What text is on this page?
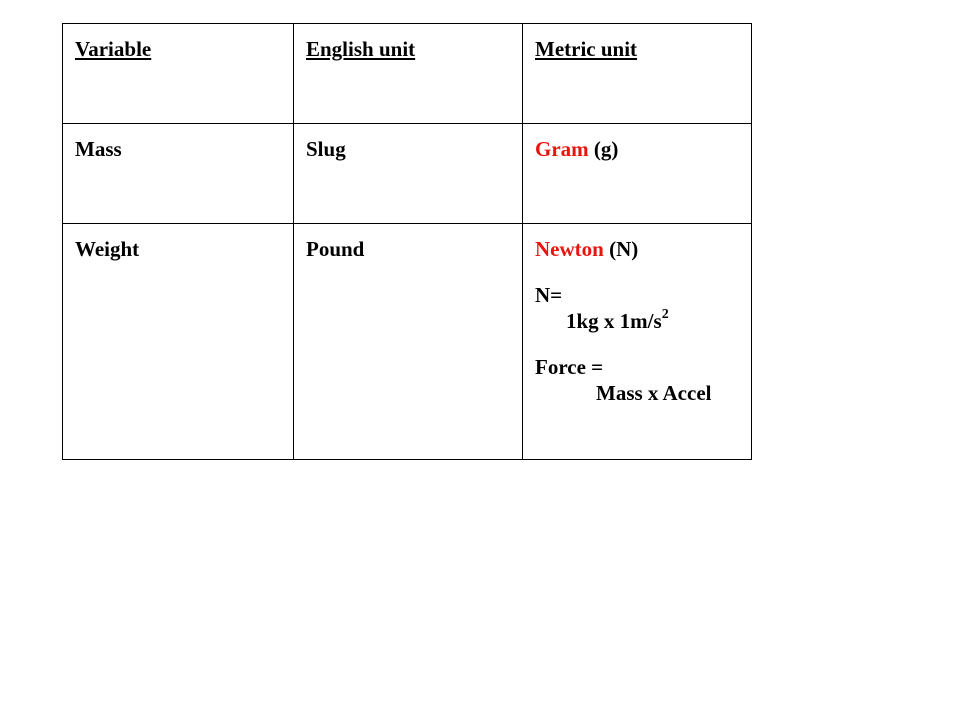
Variable	English unit	Metric unit
Mass	Slug	Gram (g)
Weight	Pound	Newton (N)
N=
1kg x $1m/s^2$
Force =
Mass x Accel
